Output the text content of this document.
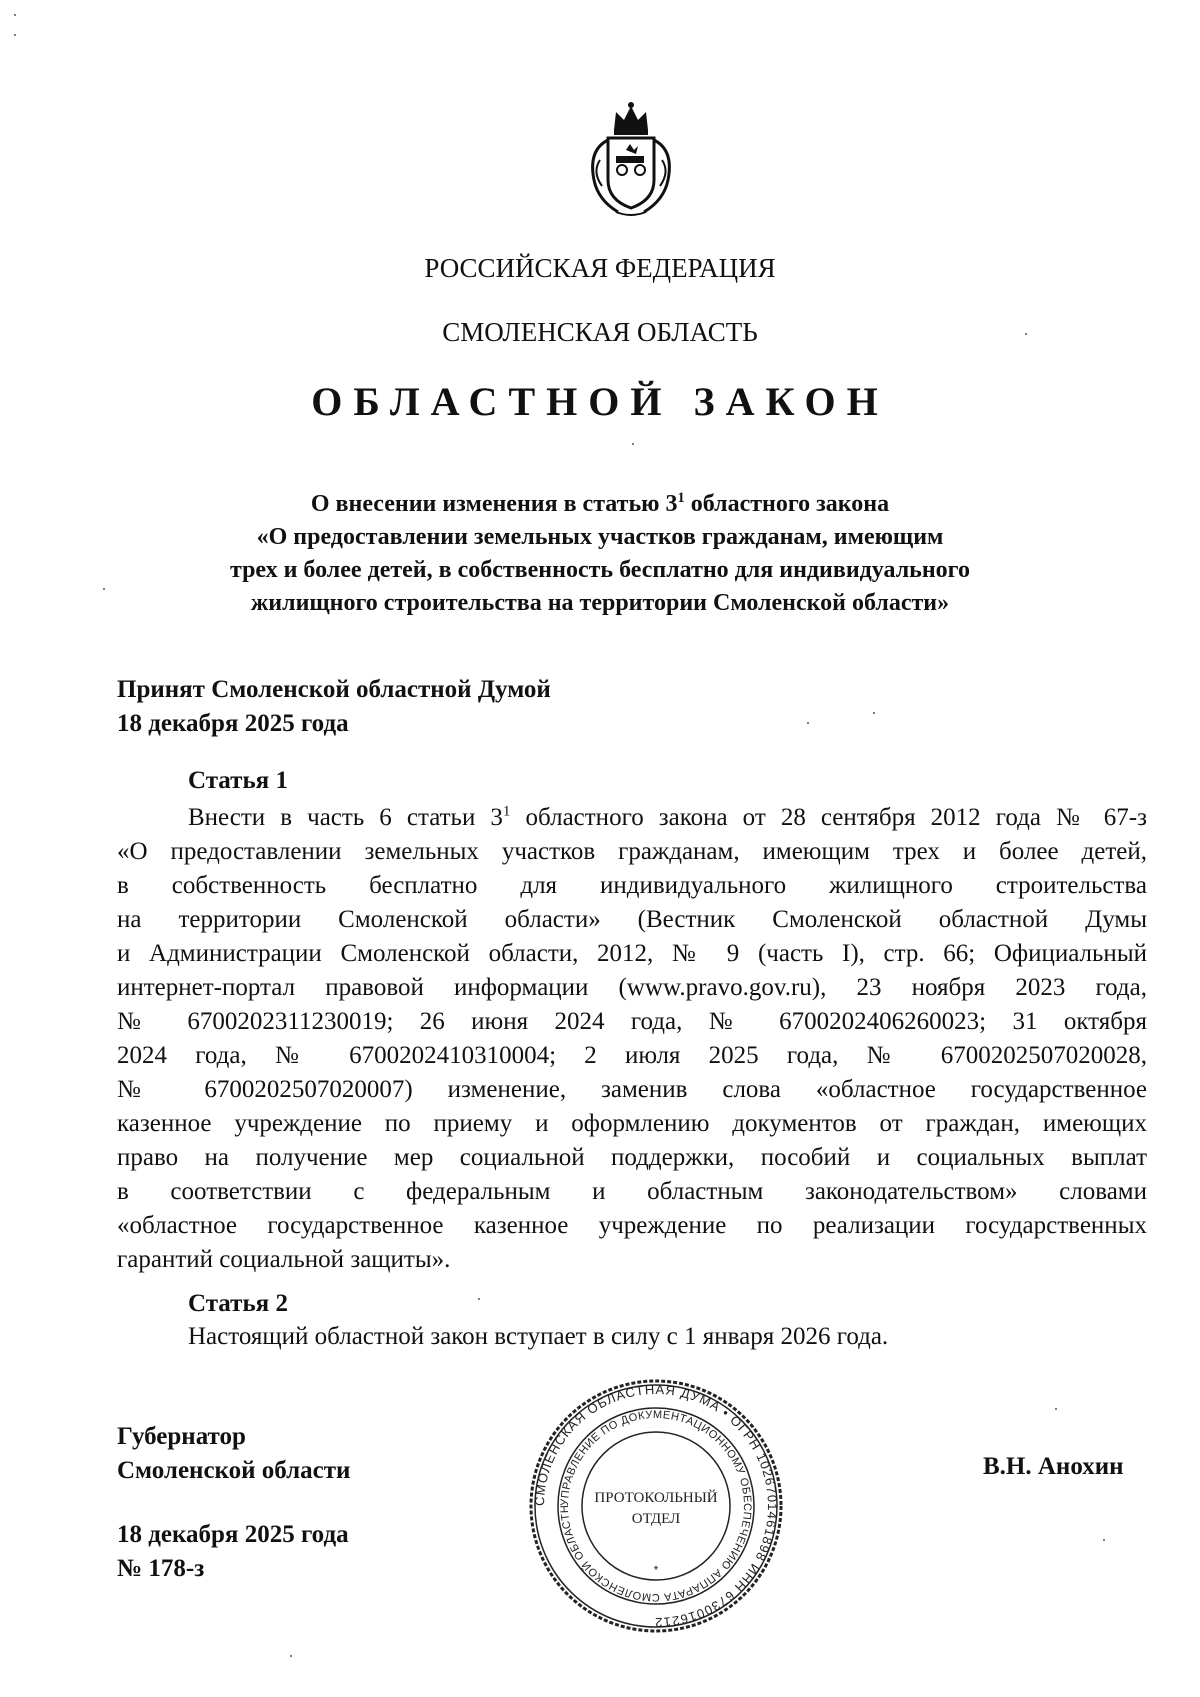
РОССИЙСКАЯ ФЕДЕРАЦИЯ
СМОЛЕНСКАЯ ОБЛАСТЬ
ОБЛАСТНОЙ ЗАКОН
О внесении изменения в статью $3^1$ областного закона
«О предоставлении земельных участков гражданам, имеющим
трех и более детей, в собственность бесплатно для индивидуального
жилищного строительства на территории Смоленской области»
Принят Смоленской областной Думой
18 декабря 2025 года
Статья 1
Внести в часть 6 статьи $3^1$ областного закона от 28 сентября 2012 года № 67-з
«О предоставлении земельных участков гражданам, имеющим трех и более детей,
в собственность бесплатно для индивидуального жилищного строительства
на территории Смоленской области» (Вестник Смоленской областной Думы
и Администрации Смоленской области, 2012, № 9 (часть I), стр. 66; Официальный
интернет-портал правовой информации (www.pravo.gov.ru), 23 ноября 2023 года,
№ 6700202311230019; 26 июня 2024 года, № 6700202406260023; 31 октября
2024 года, № 6700202410310004; 2 июля 2025 года, № 6700202507020028,
№ 6700202507020007) изменение, заменив слова «областное государственное
казенное учреждение по приему и оформлению документов от граждан, имеющих
право на получение мер социальной поддержки, пособий и социальных выплат
в соответствии с федеральным и областным законодательством» словами
«областное государственное казенное учреждение по реализации государственных
гарантий социальной защиты».
Статья 2
Настоящий областной закон вступает в силу с 1 января 2026 года.
Губернатор
Смоленской области	В.Н. Анохин
18 декабря 2025 года
№ 178-з
СМОЛЕНСКАЯ ОБЛАСТНАЯ ДУМА • ОГРН 1026701461898 ИНН 6730016212
УПРАВЛЕНИЕ ПО ДОКУМЕНТАЦИОННОМУ ОБЕСПЕЧЕНИЮ АППАРАТА СМОЛЕНСКОЙ ОБЛАСТН
ПРОТОКОЛЬНЫЙ
ОТДЕЛ
*
